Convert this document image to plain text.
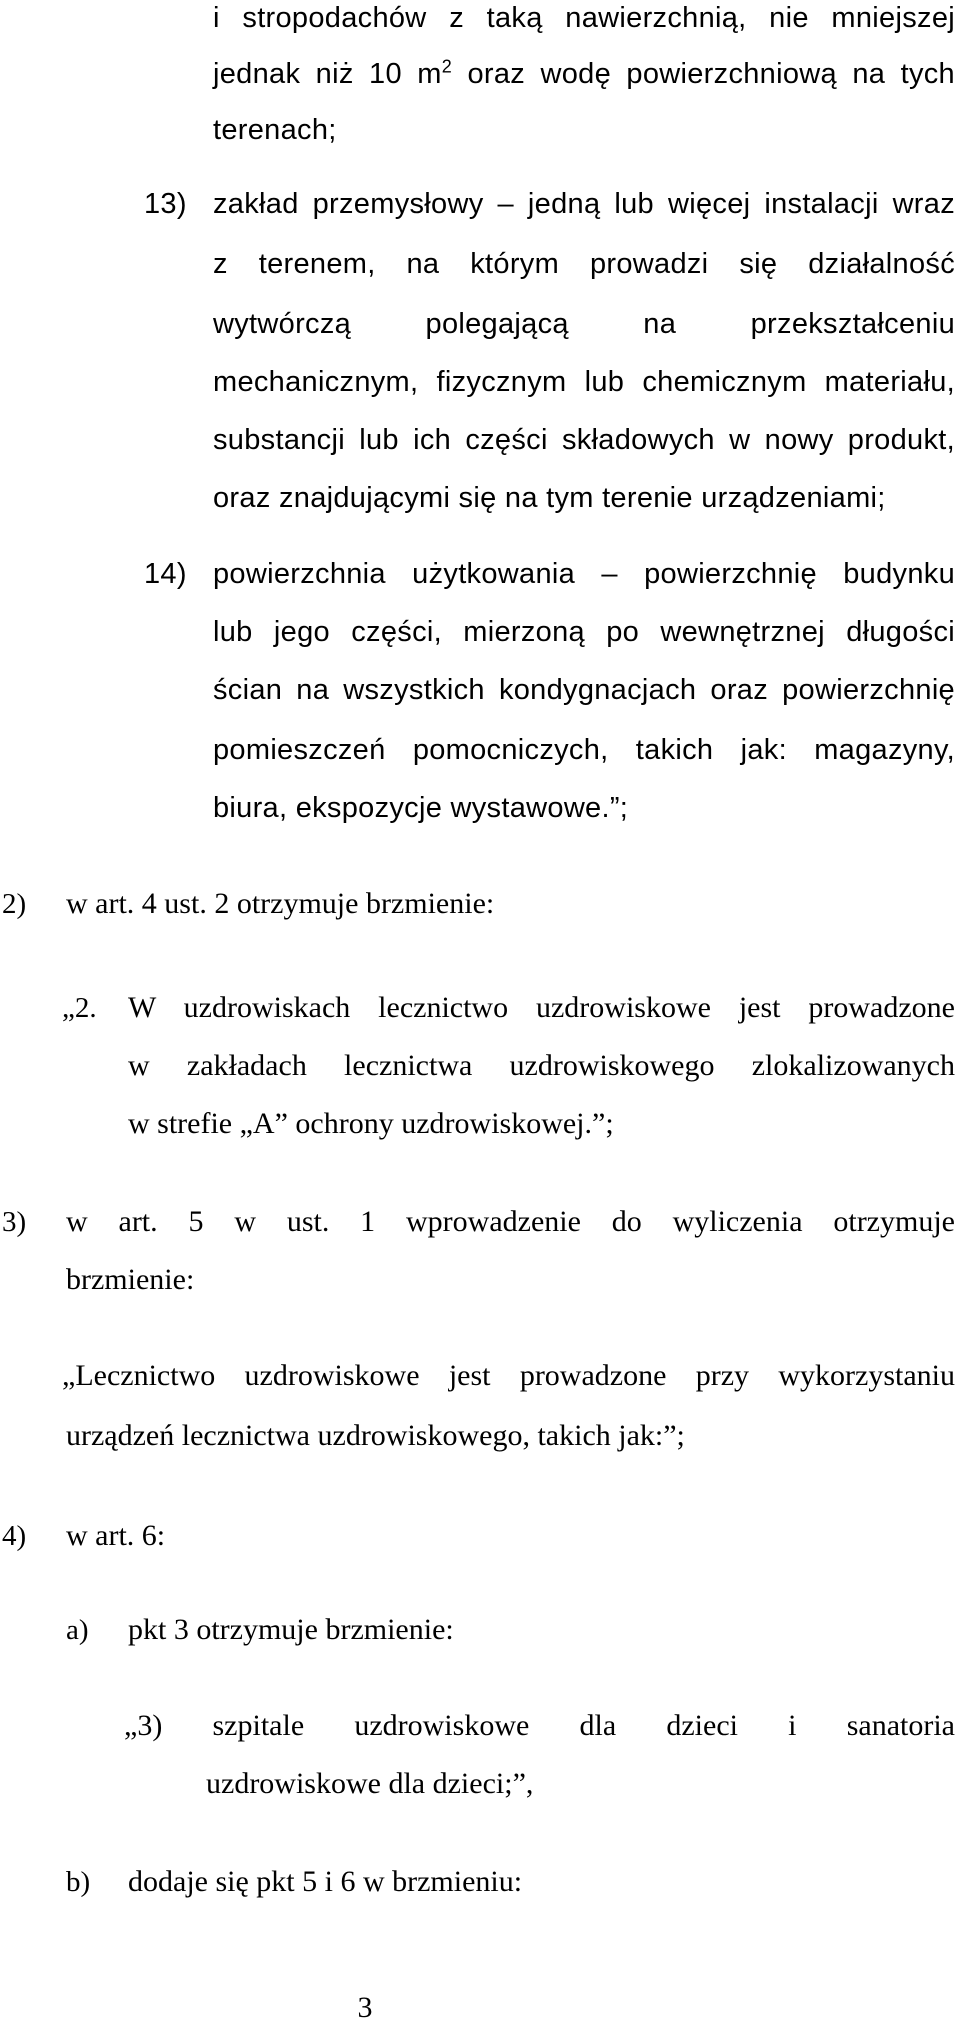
i stropodachów z taką nawierzchnią, nie mniejszej
jednak niż 10 $m^2$ oraz wodę powierzchniową na tych
terenach;
13) zakład przemysłowy – jedną lub więcej instalacji wraz
z terenem, na którym prowadzi się działalność
wytwórczą polegającą na przekształceniu
mechanicznym, fizycznym lub chemicznym materiału,
substancji lub ich części składowych w nowy produkt,
oraz znajdującymi się na tym terenie urządzeniami;
14) powierzchnia użytkowania – powierzchnię budynku
lub jego części, mierzoną po wewnętrznej długości
ścian na wszystkich kondygnacjach oraz powierzchnię
pomieszczeń pomocniczych, takich jak: magazyny,
biura, ekspozycje wystawowe.”;
2) w art. 4 ust. 2 otrzymuje brzmienie:
„2. W uzdrowiskach lecznictwo uzdrowiskowe jest prowadzone
w zakładach lecznictwa uzdrowiskowego zlokalizowanych
w strefie „A” ochrony uzdrowiskowej.”;
3) w art. 5 w ust. 1 wprowadzenie do wyliczenia otrzymuje
brzmienie:
„Lecznictwo uzdrowiskowe jest prowadzone przy wykorzystaniu
urządzeń lecznictwa uzdrowiskowego, takich jak:”;
4) w art. 6:
a) pkt 3 otrzymuje brzmienie:
„3) szpitale uzdrowiskowe dla dzieci i sanatoria
uzdrowiskowe dla dzieci;”,
b) dodaje się pkt 5 i 6 w brzmieniu:
3
